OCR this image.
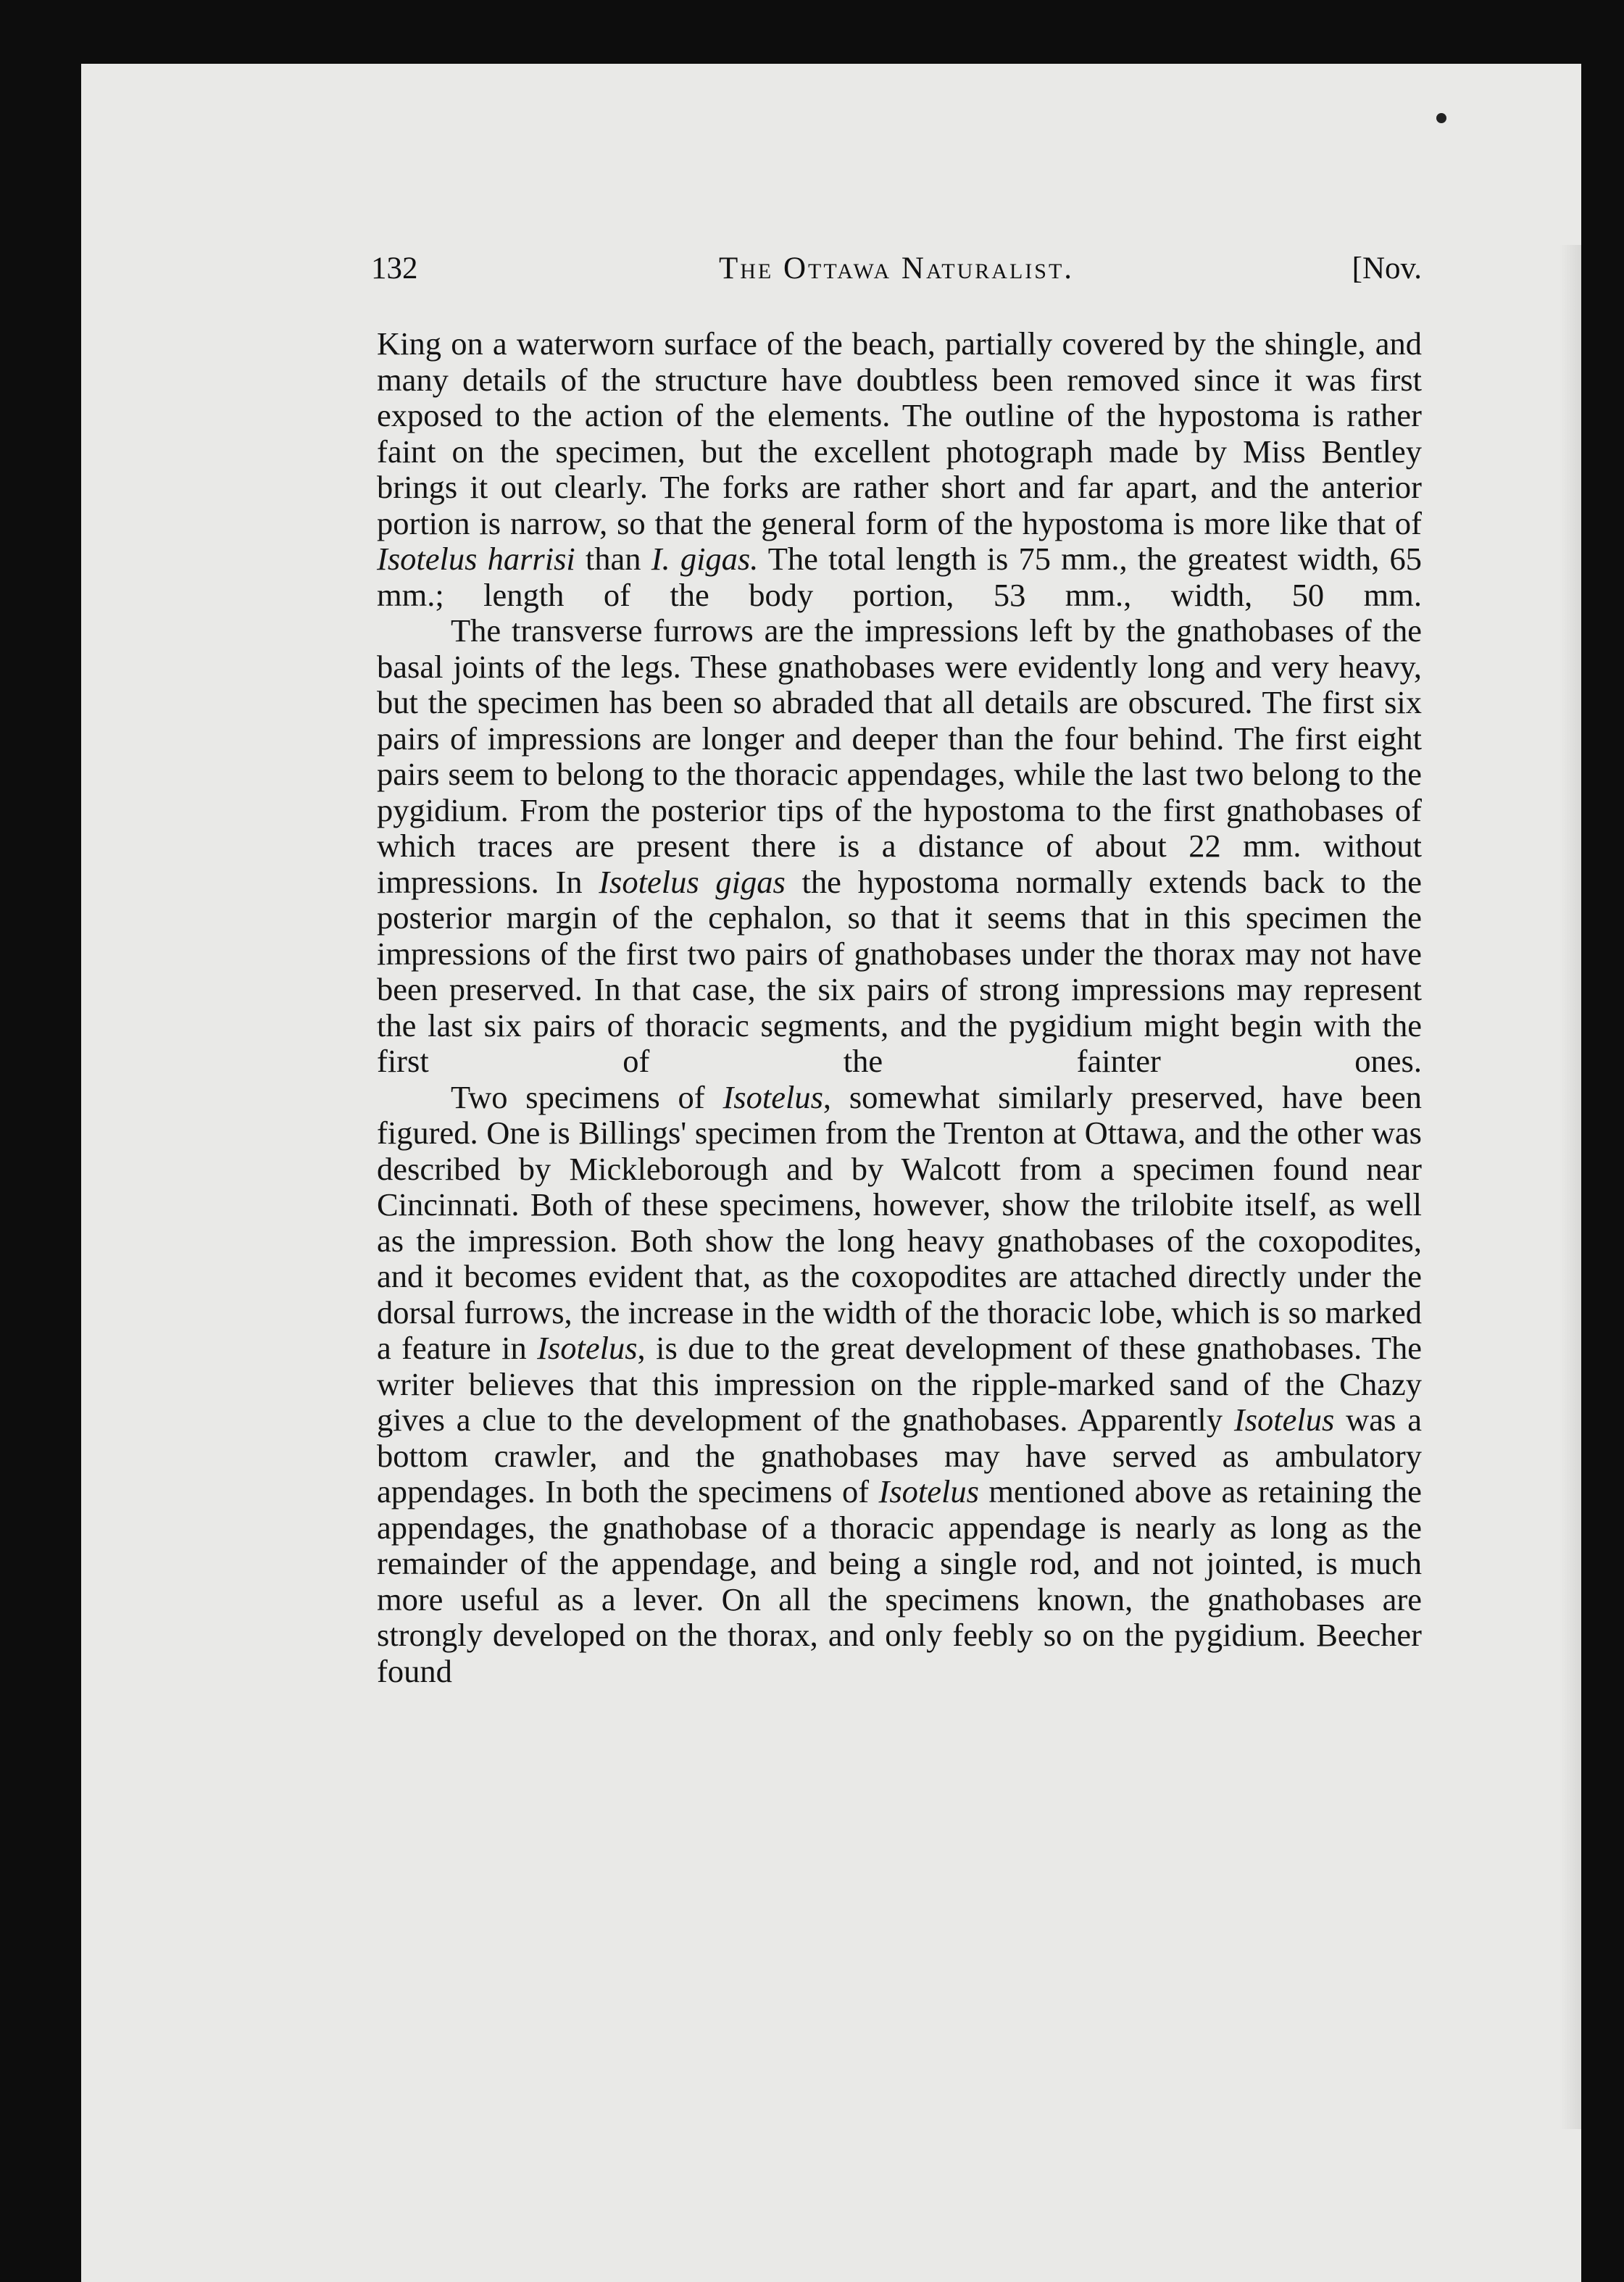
132	The Ottawa Naturalist.	[Nov.

King on a waterworn surface of the beach, partially covered by the shingle, and many details of the structure have doubtless been removed since it was first exposed to the action of the elements. The outline of the hypostoma is rather faint on the specimen, but the excellent photograph made by Miss Bentley brings it out clearly. The forks are rather short and far apart, and the anterior portion is narrow, so that the general form of the hypostoma is more like that of Isotelus harrisi than I. gigas. The total length is 75 mm., the greatest width, 65 mm.; length of the body portion, 53 mm., width, 50 mm.

The transverse furrows are the impressions left by the gnathobases of the basal joints of the legs. These gnathobases were evidently long and very heavy, but the specimen has been so abraded that all details are obscured. The first six pairs of impressions are longer and deeper than the four behind. The first eight pairs seem to belong to the thoracic appendages, while the last two belong to the pygidium. From the posterior tips of the hypostoma to the first gnathobases of which traces are present there is a distance of about 22 mm. without impressions. In Isotelus gigas the hypostoma normally extends back to the posterior margin of the cephalon, so that it seems that in this specimen the impressions of the first two pairs of gnathobases under the thorax may not have been preserved. In that case, the six pairs of strong impressions may represent the last six pairs of thoracic segments, and the pygidium might begin with the first of the fainter ones.

Two specimens of Isotelus, somewhat similarly preserved, have been figured. One is Billings' specimen from the Trenton at Ottawa, and the other was described by Mickleborough and by Walcott from a specimen found near Cincinnati. Both of these specimens, however, show the trilobite itself, as well as the impression. Both show the long heavy gnathobases of the coxopodites, and it becomes evident that, as the coxopodites are attached directly under the dorsal furrows, the increase in the width of the thoracic lobe, which is so marked a feature in Isotelus, is due to the great development of these gnathobases. The writer believes that this impression on the ripple-marked sand of the Chazy gives a clue to the development of the gnathobases. Apparently Isotelus was a bottom crawler, and the gnathobases may have served as ambulatory appendages. In both the specimens of Isotelus mentioned above as retaining the appendages, the gnathobase of a thoracic appendage is nearly as long as the remainder of the appendage, and being a single rod, and not jointed, is much more useful as a lever. On all the specimens known, the gnathobases are strongly developed on the thorax, and only feebly so on the pygidium. Beecher found
